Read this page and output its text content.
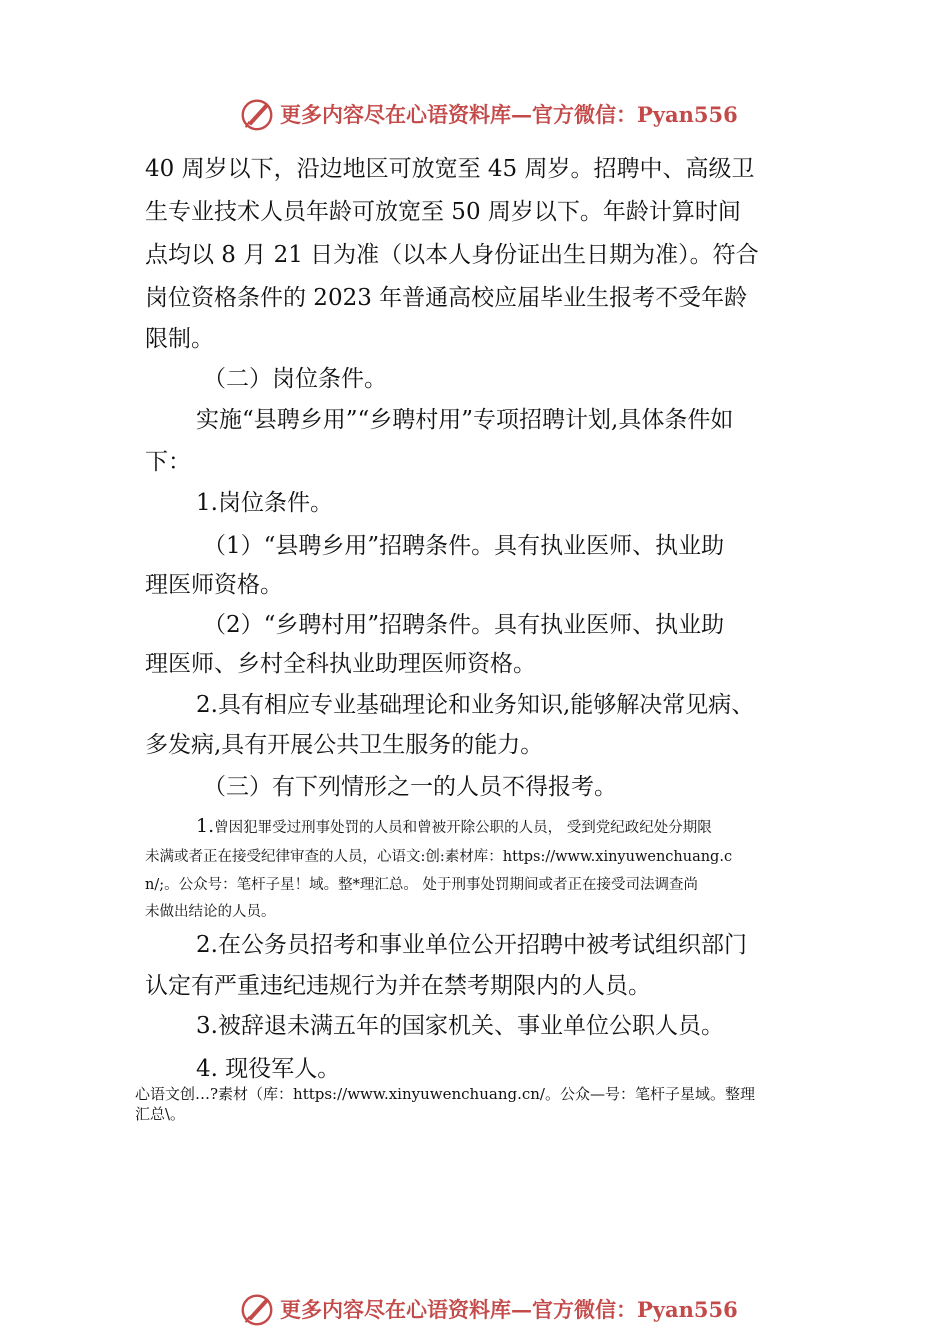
更多内容尽在心语资料库 — 官方微信： Pyan556
40 周岁以下，沿边地区可放宽至 45 周岁。招聘中、高级卫
生专业技术人员年龄可放宽至 50 周岁以下。年龄计算时间
点均以 8 月 21 日为准（以本人身份证出生日期为准）。符合
岗位资格条件的 2023 年普通高校应届毕业生报考不受年龄
限制。
（二）岗位条件。
实施“县聘乡用”“乡聘村用”专项招聘计划,具体条件如
下：
1.岗位条件。
（1）“县聘乡用”招聘条件。具有执业医师、执业助
理医师资格。
（2）“乡聘村用”招聘条件。具有执业医师、执业助
理医师、乡村全科执业助理医师资格。
2.具有相应专业基础理论和业务知识,能够解决常见病、
多发病,具有开展公共卫生服务的能力。
（三）有下列情形之一的人员不得报考。
1.曾因犯罪受过刑事处罚的人员和曾被开除公职的人员， 受到党纪政纪处分期限
未满或者正在接受纪律审查的人员，心语文:创:素材库：https://www.xinyuwenchuang.c
n/;。公众号：笔杆子星！域。整*理汇总。 处于刑事处罚期间或者正在接受司法调查尚
未做出结论的人员。
2.在公务员招考和事业单位公开招聘中被考试组织部门
认定有严重违纪违规行为并在禁考期限内的人员。
3.被辞退未满五年的国家机关、事业单位公职人员。
4. 现役军人。
心语文创…?素材（库：https://www.xinyuwenchuang.cn/。公众—号：笔杆子星域。整理
汇总\。
更多内容尽在心语资料库 — 官方微信： Pyan556
